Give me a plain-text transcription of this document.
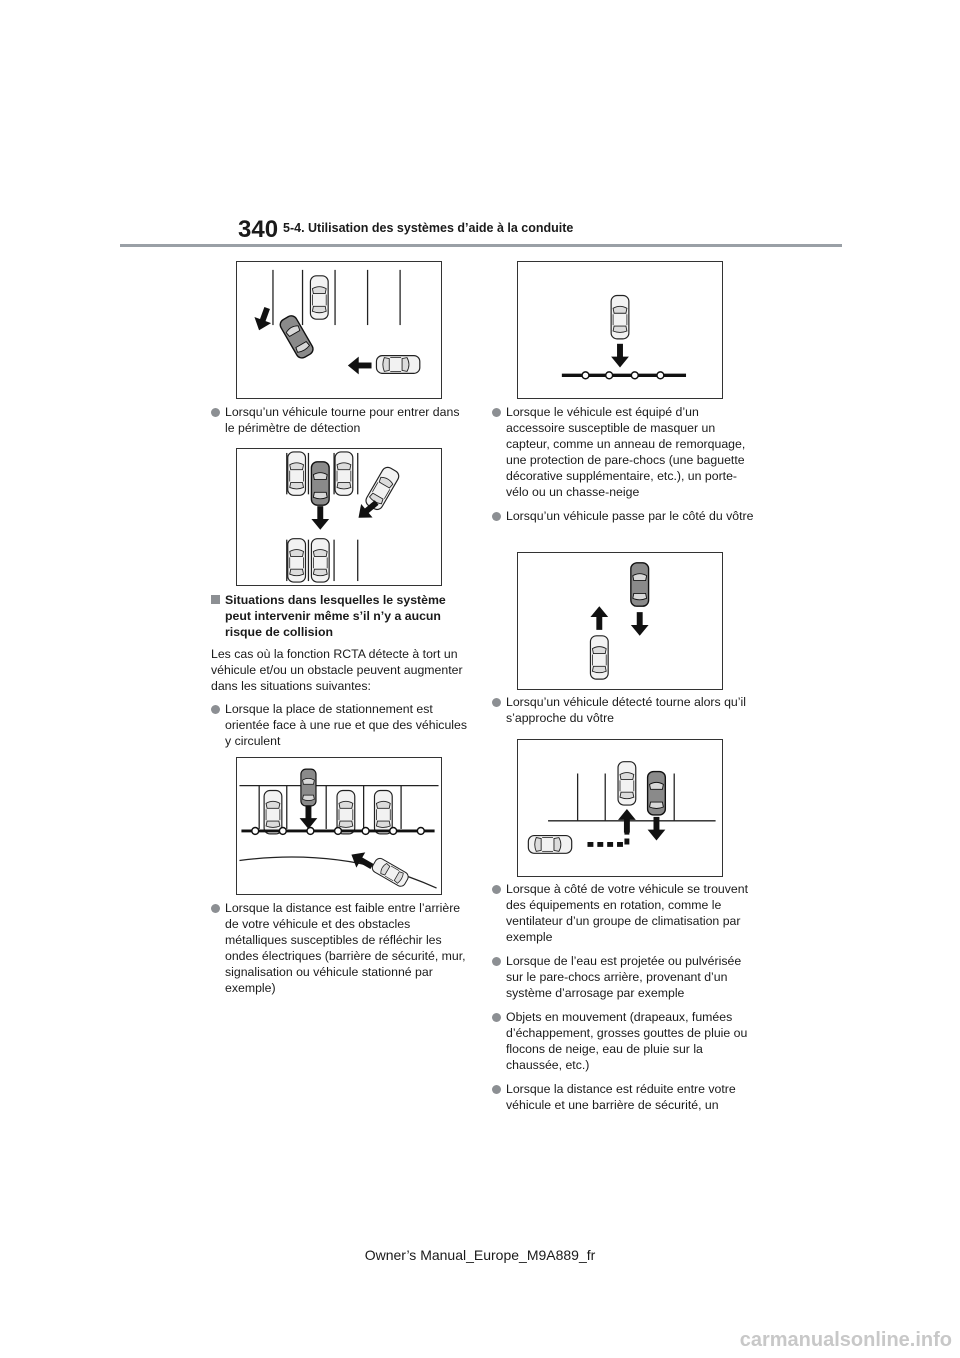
340 5-4. Utilisation des systèmes d’aide à la conduite
Lorsqu’un véhicule tourne pour entrer dans le périmètre de détection
Situations dans lesquelles le système peut intervenir même s’il n’y a aucun risque de collision
Les cas où la fonction RCTA détecte à tort un véhicule et/ou un obstacle peuvent augmenter dans les situations suivantes:
Lorsque la place de stationnement est orientée face à une rue et que des véhicules y circulent
Lorsque la distance est faible entre l’arrière de votre véhicule et des obstacles métalliques susceptibles de réfléchir les ondes électriques (barrière de sécurité, mur, signalisation ou véhicule stationné par exemple)
Lorsque le véhicule est équipé d’un accessoire susceptible de masquer un capteur, comme un anneau de remorquage, une protection de pare-chocs (une baguette décorative supplémentaire, etc.), un porte-vélo ou un chasse-neige
Lorsqu’un véhicule passe par le côté du vôtre
Lorsqu’un véhicule détecté tourne alors qu’il s’approche du vôtre
Lorsque à côté de votre véhicule se trouvent des équipements en rotation, comme le ventilateur d’un groupe de climatisation par exemple
Lorsque de l’eau est projetée ou pulvérisée sur le pare-chocs arrière, provenant d’un système d’arrosage par exemple
Objets en mouvement (drapeaux, fumées d’échappement, grosses gouttes de pluie ou flocons de neige, eau de pluie sur la chaussée, etc.)
Lorsque la distance est réduite entre votre véhicule et une barrière de sécurité, un
Owner’s Manual_Europe_M9A889_fr
carmanualsonline.info
